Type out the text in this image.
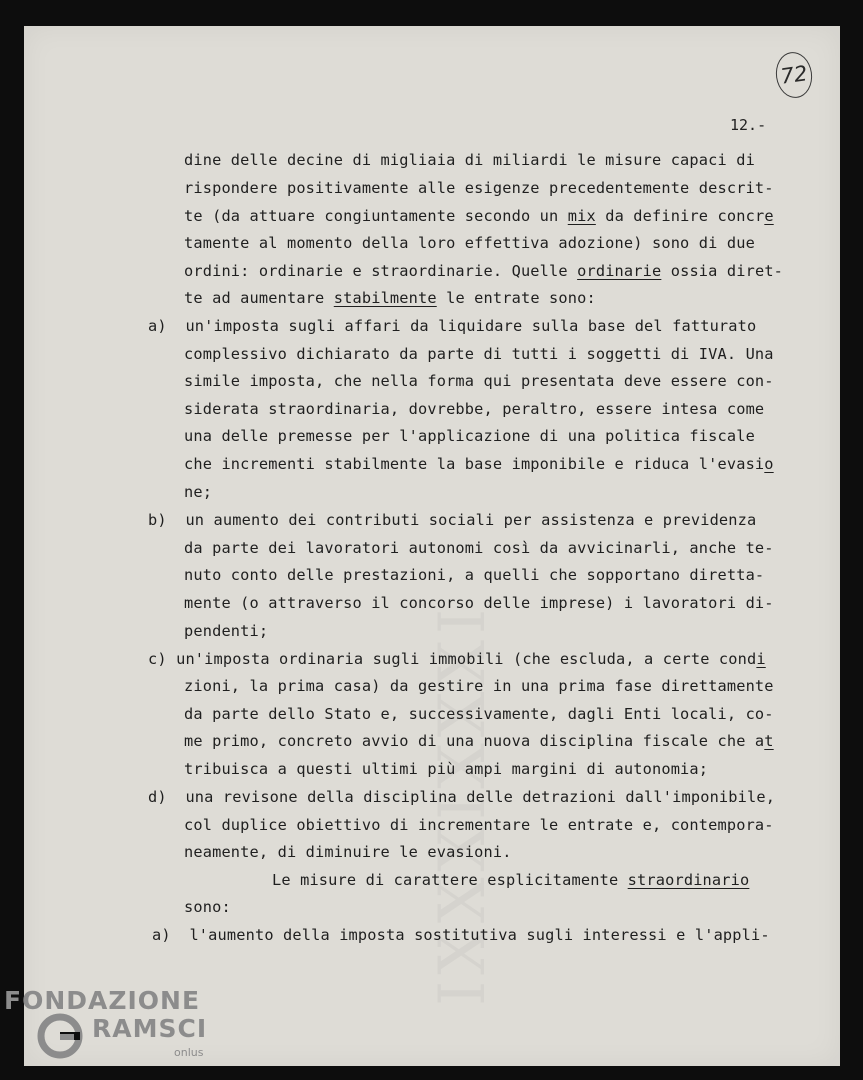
IXXXIXXXI
72
12.-
dine delle decine di migliaia di miliardi le misure capaci di
rispondere positivamente alle esigenze precedentemente descrit-
te (da attuare congiuntamente secondo un mix da definire concre
tamente al momento della loro effettiva adozione) sono di due
ordini: ordinarie e straordinarie. Quelle ordinarie ossia diret-
te ad aumentare stabilmente le entrate sono:
a)  un'imposta sugli affari da liquidare sulla base del fatturato
complessivo dichiarato da parte di tutti i soggetti di IVA. Una
simile imposta, che nella forma qui presentata deve essere con-
siderata straordinaria, dovrebbe, peraltro, essere intesa come
una delle premesse per l'applicazione di una politica fiscale
che incrementi stabilmente la base imponibile e riduca l'evasio
ne;
b)  un aumento dei contributi sociali per assistenza e previdenza
da parte dei lavoratori autonomi così da avvicinarli, anche te-
nuto conto delle prestazioni, a quelli che sopportano diretta-
mente (o attraverso il concorso delle imprese) i lavoratori di-
pendenti;
c) un'imposta ordinaria sugli immobili (che escluda, a certe condi
zioni, la prima casa) da gestire in una prima fase direttamente
da parte dello Stato e, successivamente, dagli Enti locali, co-
me primo, concreto avvio di una nuova disciplina fiscale che at
tribuisca a questi ultimi più ampi margini di autonomia;
d)  una revisone della disciplina delle detrazioni dall'imponibile,
col duplice obiettivo di incrementare le entrate e, contempora-
neamente, di diminuire le evasioni.
Le misure di carattere esplicitamente straordinario
sono:
a)  l'aumento della imposta sostitutiva sugli interessi e l'appli-
FONDAZIONE
RAMSCI
onlus
